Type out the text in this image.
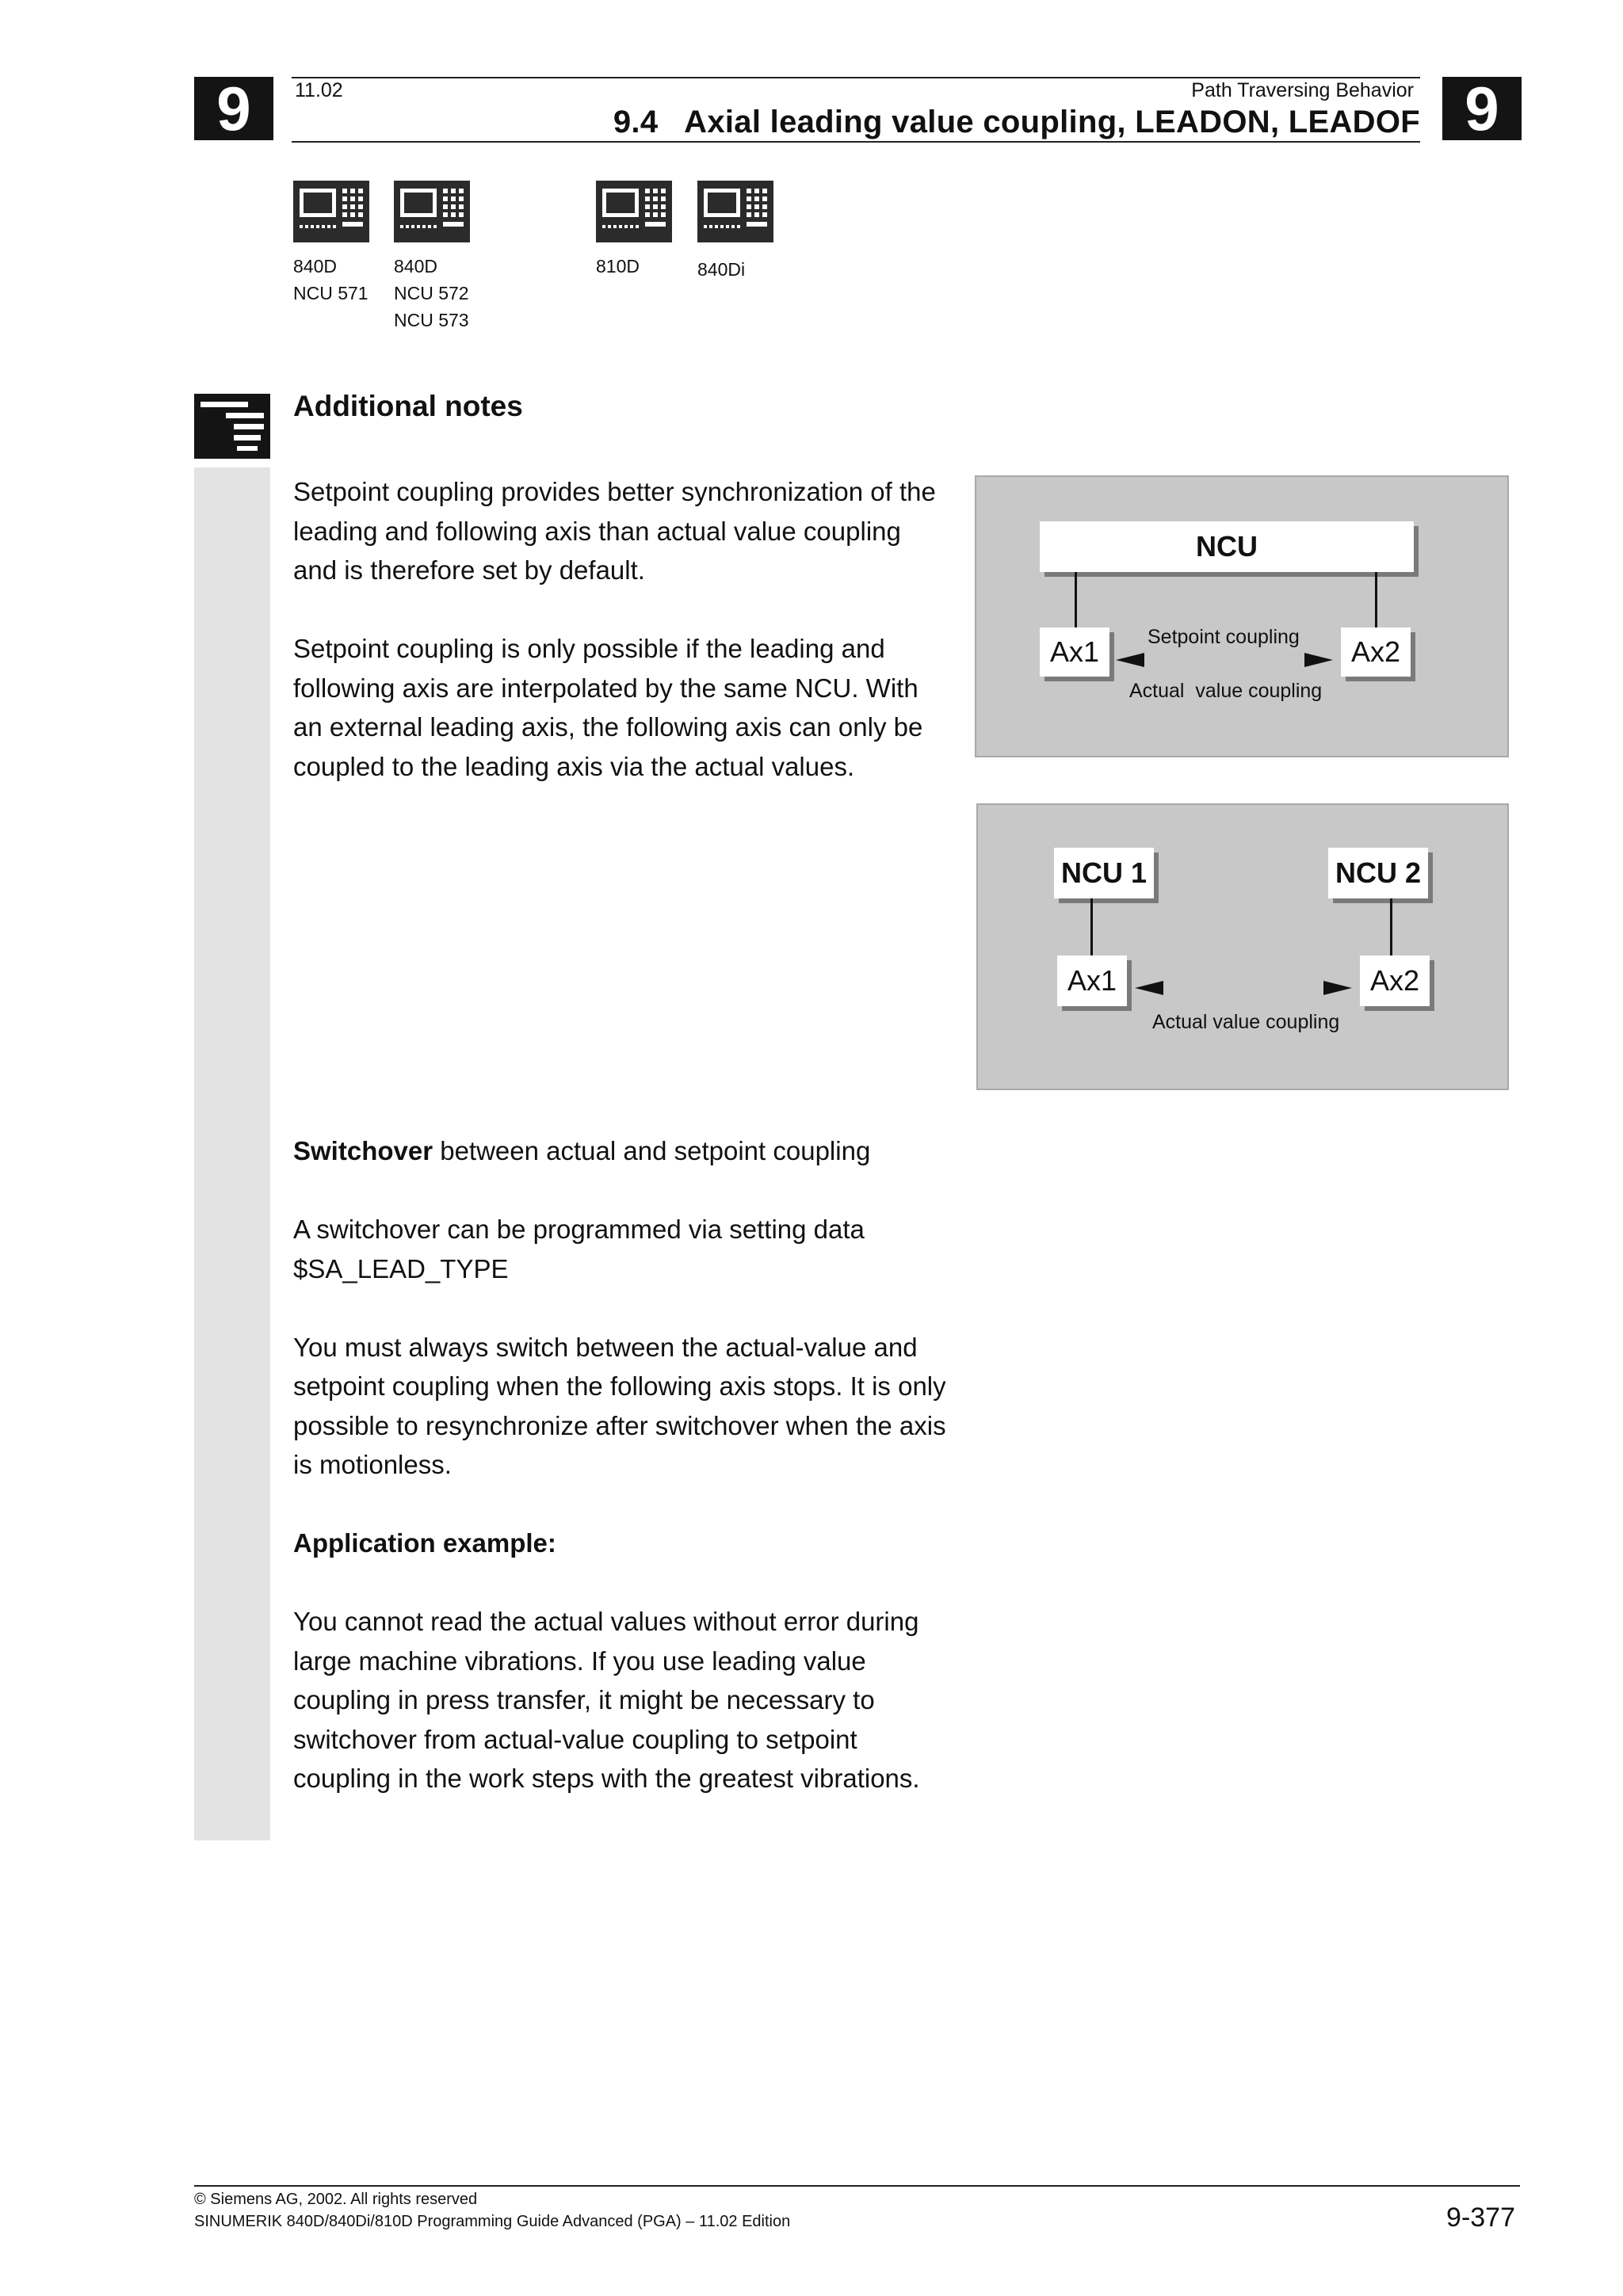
9	9
11.02	Path Traversing Behavior
9.4   Axial leading value coupling, LEADON, LEADOF
840D
NCU 571
840D
NCU 572
NCU 573
810D	840Di
Additional notes

Setpoint coupling provides better synchronization of the leading and following axis than actual value coupling and is therefore set by default.

Setpoint coupling is only possible if the leading and following axis are interpolated by the same NCU. With an external leading axis, the following axis can only be coupled to the leading axis via the actual values.

Switchover between actual and setpoint coupling

A switchover can be programmed via setting data $SA_LEAD_TYPE

You must always switch between the actual-value and setpoint coupling when the following axis stops. It is only possible to resynchronize after switchover when the axis is motionless.

Application example:

You cannot read the actual values without error during large machine vibrations. If you use leading value coupling in press transfer, it might be necessary to switchover from actual-value coupling to setpoint coupling in the work steps with the greatest vibrations.

NCU
Ax1	Ax2
Setpoint coupling
Actual  value coupling
NCU 1	NCU 2
Ax1	Ax2
Actual value coupling
© Siemens AG, 2002. All rights reserved
SINUMERIK 840D/840Di/810D Programming Guide Advanced (PGA) – 11.02 Edition	9-377
